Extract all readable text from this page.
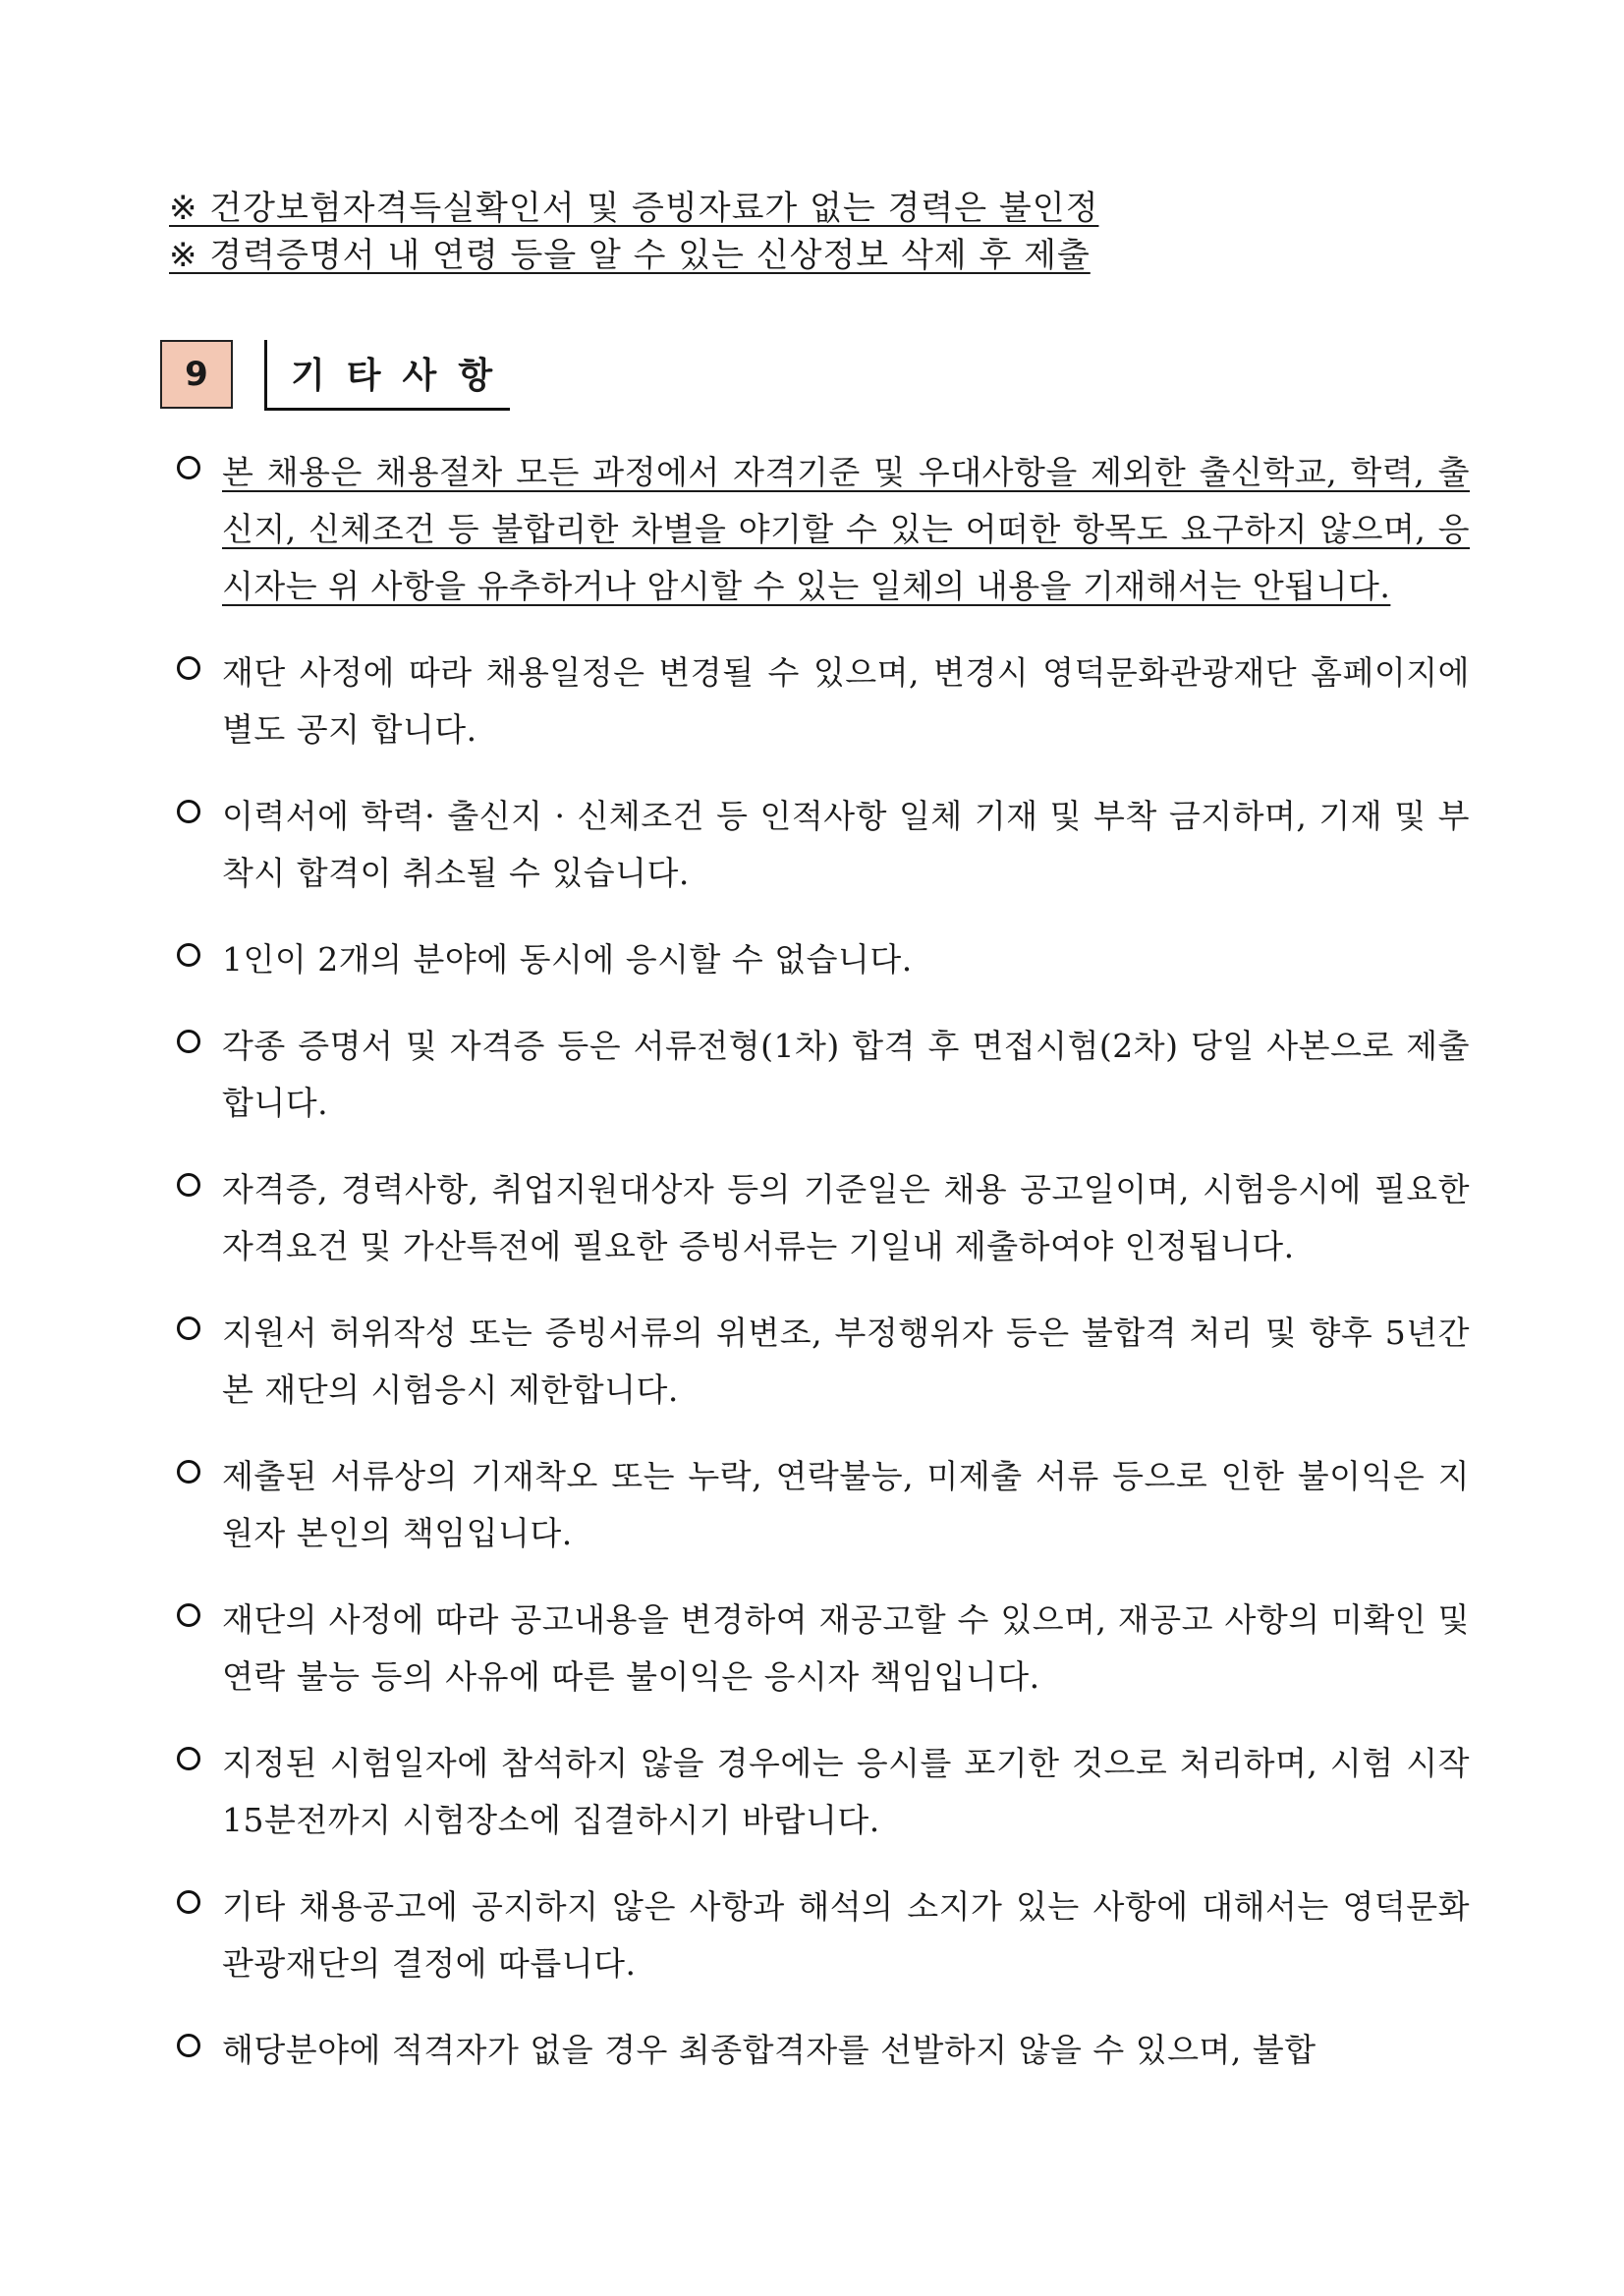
※ 건강보험자격득실확인서 및 증빙자료가 없는 경력은 불인정
※ 경력증명서 내 연령 등을 알 수 있는 신상정보 삭제 후 제출
9	기타사항
본 채용은 채용절차 모든 과정에서 자격기준 및 우대사항을 제외한 출신학교, 학력, 출신지, 신체조건 등 불합리한 차별을 야기할 수 있는 어떠한 항목도 요구하지 않으며, 응시자는 위 사항을 유추하거나 암시할 수 있는 일체의 내용을 기재해서는 안됩니다.
재단 사정에 따라 채용일정은 변경될 수 있으며, 변경시 영덕문화관광재단 홈페이지에 별도 공지 합니다.
이력서에 학력· 출신지 · 신체조건 등 인적사항 일체 기재 및 부착 금지하며, 기재 및 부착시 합격이 취소될 수 있습니다.
1인이 2개의 분야에 동시에 응시할 수 없습니다.
각종 증명서 및 자격증 등은 서류전형(1차) 합격 후 면접시험(2차) 당일 사본으로 제출합니다.
자격증, 경력사항, 취업지원대상자 등의 기준일은 채용 공고일이며, 시험응시에 필요한 자격요건 및 가산특전에 필요한 증빙서류는 기일내 제출하여야 인정됩니다.
지원서 허위작성 또는 증빙서류의 위변조, 부정행위자 등은 불합격 처리 및 향후 5년간 본 재단의 시험응시 제한합니다.
제출된 서류상의 기재착오 또는 누락, 연락불능, 미제출 서류 등으로 인한 불이익은 지원자 본인의 책임입니다.
재단의 사정에 따라 공고내용을 변경하여 재공고할 수 있으며, 재공고 사항의 미확인 및 연락 불능 등의 사유에 따른 불이익은 응시자 책임입니다.
지정된 시험일자에 참석하지 않을 경우에는 응시를 포기한 것으로 처리하며, 시험 시작 15분전까지 시험장소에 집결하시기 바랍니다.
기타 채용공고에 공지하지 않은 사항과 해석의 소지가 있는 사항에 대해서는 영덕문화관광재단의 결정에 따릅니다.
해당분야에 적격자가 없을 경우 최종합격자를 선발하지 않을 수 있으며, 불합
